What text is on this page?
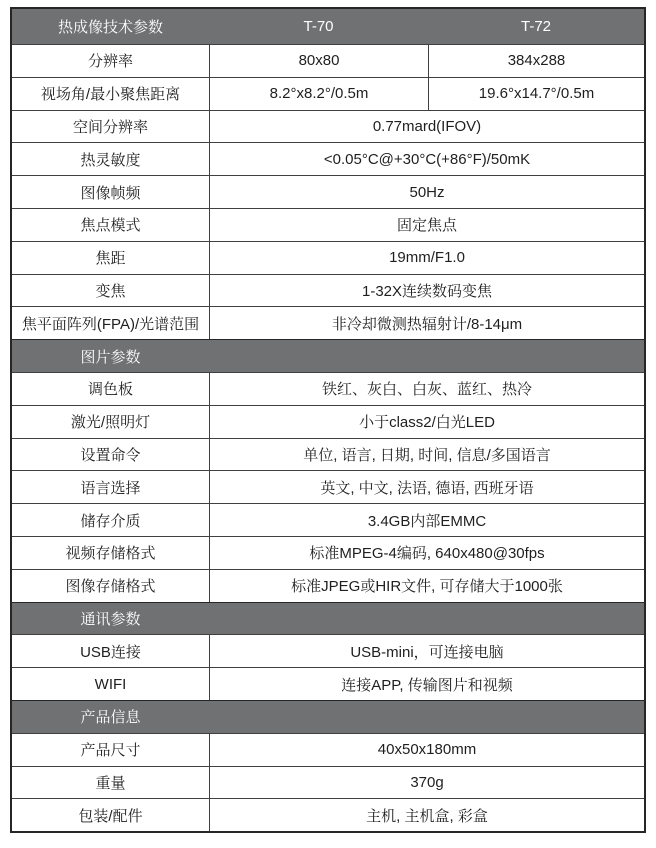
热成像技术参数	T-70	T-72
分辨率	80x80	384x288
视场角/最小聚焦距离	8.2°x8.2°/0.5m	19.6°x14.7°/0.5m
空间分辨率	0.77mard(IFOV)
热灵敏度	<0.05°C@+30°C(+86°F)/50mK
图像帧频	50Hz
焦点模式	固定焦点
焦距	19mm/F1.0
变焦	1-32X连续数码变焦
焦平面阵列(FPA)/光谱范围	非冷却微测热辐射计/8-14μm
图片参数
调色板	铁红、灰白、白灰、蓝红、热冷
激光/照明灯	小于class2/白光LED
设置命令	单位, 语言, 日期, 时间, 信息/多国语言
语言选择	英文, 中文, 法语, 德语, 西班牙语
储存介质	3.4GB内部EMMC
视频存储格式	标准MPEG-4编码, 640x480@30fps
图像存储格式	标准JPEG或HIR文件, 可存储大于1000张
通讯参数
USB连接	USB-mini，可连接电脑
WIFI	连接APP, 传输图片和视频
产品信息
产品尺寸	40x50x180mm
重量	370g
包装/配件	主机, 主机盒, 彩盒
